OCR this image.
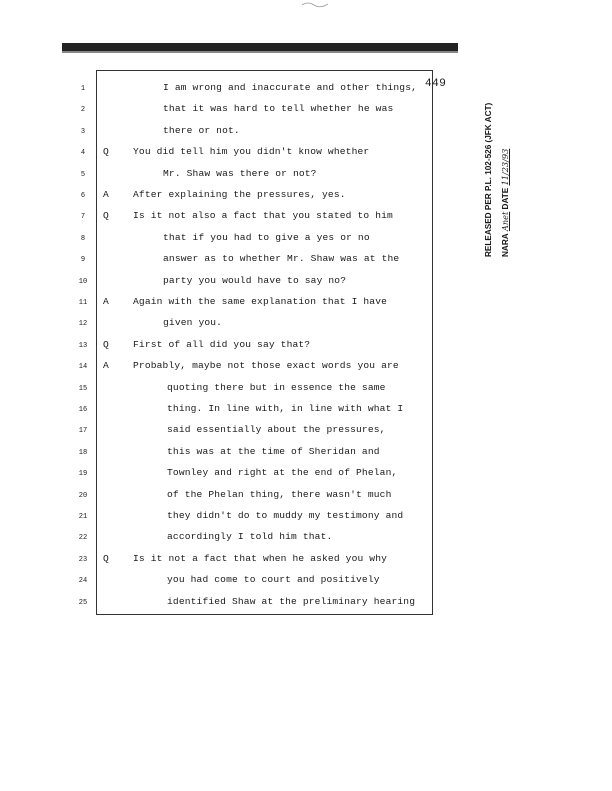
449
1	I am wrong and inaccurate and other things,
2	that it was hard to tell whether he was
3	there or not.
4	Q	You did tell him you didn't know whether
5	Mr. Shaw was there or not?
6	A	After explaining the pressures, yes.
7	Q	Is it not also a fact that you stated to him
8	that if you had to give a yes or no
9	answer as to whether Mr. Shaw was at the
10	party you would have to say no?
11	A	Again with the same explanation that I have
12	given you.
13	Q	First of all did you say that?
14	A	Probably, maybe not those exact words you are
15	quoting there but in essence the same
16	thing. In line with, in line with what I
17	said essentially about the pressures,
18	this was at the time of Sheridan and
19	Townley and right at the end of Phelan,
20	of the Phelan thing, there wasn't much
21	they didn't do to muddy my testimony and
22	accordingly I told him that.
23	Q	Is it not a fact that when he asked you why
24	you had come to court and positively
25	identified Shaw at the preliminary hearing
RELEASED PER P.L. 102-526 (JFK ACT) NARA Anet DATE 11/23/93
